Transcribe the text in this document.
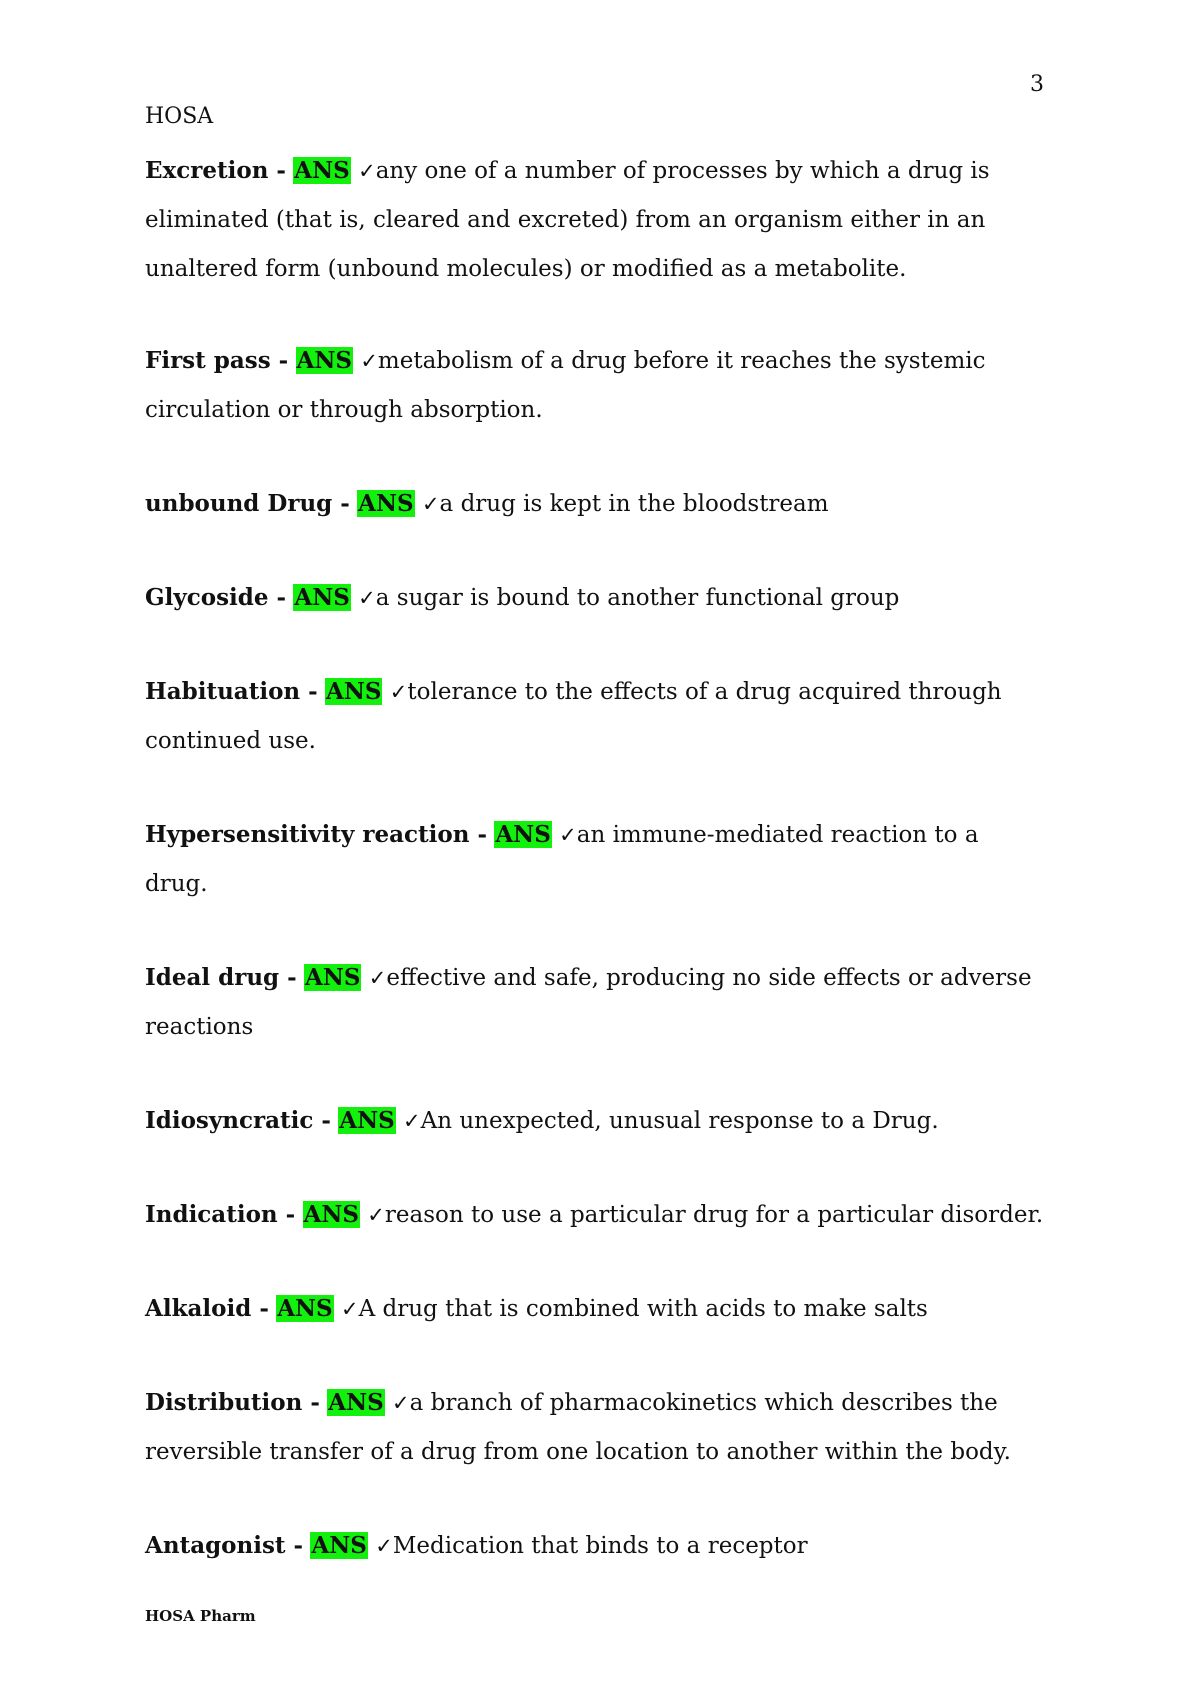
3
HOSA
Excretion - ANS ✓any one of a number of processes by which a drug is eliminated (that is, cleared and excreted) from an organism either in an unaltered form (unbound molecules) or modified as a metabolite.
First pass - ANS ✓metabolism of a drug before it reaches the systemic circulation or through absorption.
unbound Drug - ANS ✓a drug is kept in the bloodstream
Glycoside - ANS ✓a sugar is bound to another functional group
Habituation - ANS ✓tolerance to the effects of a drug acquired through continued use.
Hypersensitivity reaction - ANS ✓an immune-mediated reaction to a drug.
Ideal drug - ANS ✓effective and safe, producing no side effects or adverse reactions
Idiosyncratic - ANS ✓An unexpected, unusual response to a Drug.
Indication - ANS ✓reason to use a particular drug for a particular disorder.
Alkaloid - ANS ✓A drug that is combined with acids to make salts
Distribution - ANS ✓a branch of pharmacokinetics which describes the reversible transfer of a drug from one location to another within the body.
Antagonist - ANS ✓Medication that binds to a receptor
HOSA Pharm
